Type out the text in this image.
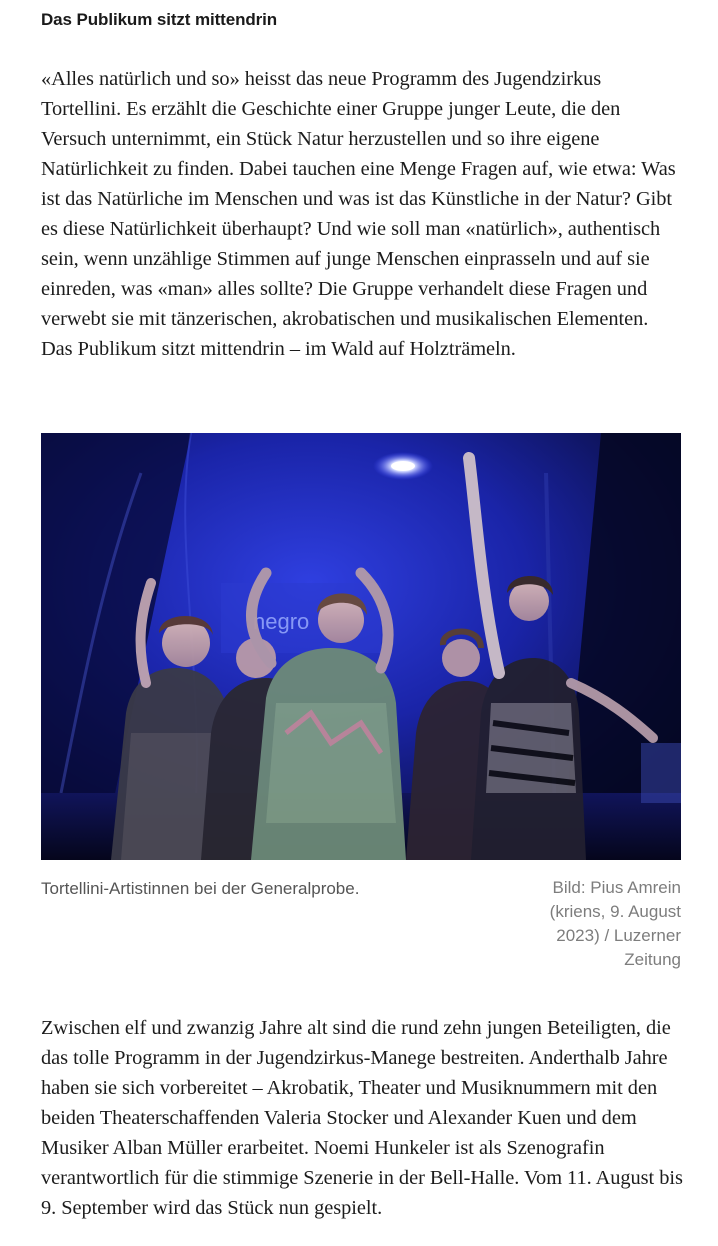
Das Publikum sitzt mittendrin

«Alles natürlich und so» heisst das neue Programm des Jugendzirkus Tortellini. Es erzählt die Geschichte einer Gruppe junger Leute, die den Versuch unternimmt, ein Stück Natur herzustellen und so ihre eigene Natürlichkeit zu finden. Dabei tauchen eine Menge Fragen auf, wie etwa: Was ist das Natürliche im Menschen und was ist das Künstliche in der Natur? Gibt es diese Natürlichkeit überhaupt? Und wie soll man «natürlich», authentisch sein, wenn unzählige Stimmen auf junge Menschen einprasseln und auf sie einreden, was «man» alles sollte? Die Gruppe verhandelt diese Fragen und verwebt sie mit tänzerischen, akrobatischen und musikalischen Elementen. Das Publikum sitzt mittendrin – im Wald auf Holzträmeln.

negro
Tortellini-Artistinnen bei der Generalprobe.	Bild: Pius Amrein (kriens, 9. August 2023) / Luzerner Zeitung

Zwischen elf und zwanzig Jahre alt sind die rund zehn jungen Beteiligten, die das tolle Programm in der Jugendzirkus-Manege bestreiten. Anderthalb Jahre haben sie sich vorbereitet – Akrobatik, Theater und Musiknummern mit den beiden Theaterschaffenden Valeria Stocker und Alexander Kuen und dem Musiker Alban Müller erarbeitet. Noemi Hunkeler ist als Szenografin verantwortlich für die stimmige Szenerie in der Bell-Halle. Vom 11. August bis 9. September wird das Stück nun gespielt.
